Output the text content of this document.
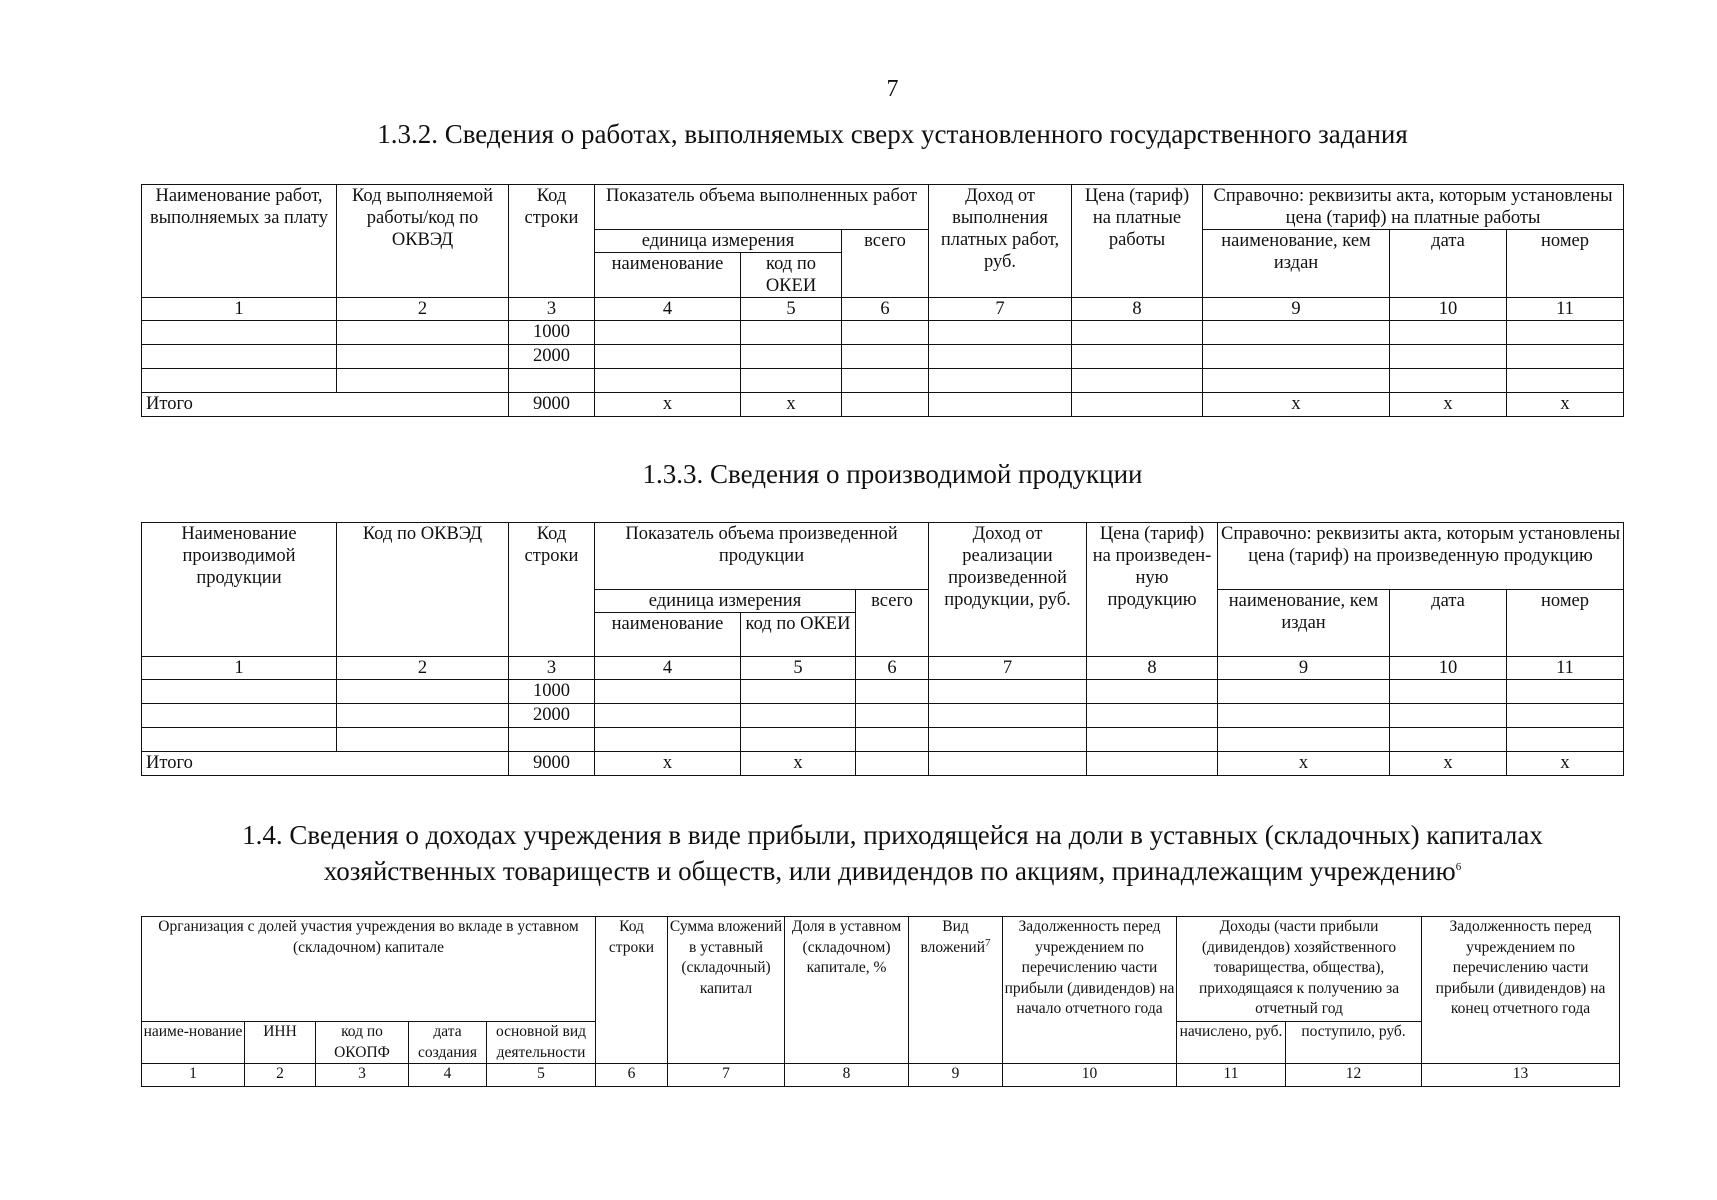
7
1.3.2. Сведения о работах, выполняемых сверх установленного государственного задания
Наименование работ, выполняемых за плату	Код выполняемой работы/код по ОКВЭД	Код строки	Показатель объема выполненных работ			Доход от выполнения платных работ, руб.	Цена (тариф) на платные работы	Справочно: реквизиты акта, которым установлены цена (тариф) на платные работы		
			единица измерения		всего			наименование, кем издан	дата	номер
			наименование	код по ОКЕИ						
1	2	3	4	5	6	7	8	9	10	11
		1000								
		2000								

Итого		9000	x	x				x	x	x
1.3.3. Сведения о производимой продукции
Наименование производимой продукции	Код по ОКВЭД	Код строки	Показатель объема произведенной продукции			Доход от реализации произведенной продукции, руб.	Цена (тариф) на произведен-ную продукцию	Справочно: реквизиты акта, которым установлены цена (тариф) на произведенную продукцию		
			единица измерения		всего			наименование, кем издан	дата	номер
			наименование	код по ОКЕИ						
1	2	3	4	5	6	7	8	9	10	11
		1000								
		2000								

Итого		9000	x	x				x	x	x
1.4. Сведения о доходах учреждения в виде прибыли, приходящейся на доли в уставных (складочных) капиталах
хозяйственных товариществ и обществ, или дивидендов по акциям, принадлежащим учреждению$^6$
Организация с долей участия учреждения во вкладе в уставном (складочном) капитале					Код строки	Сумма вложений в уставный (складочный) капитал	Доля в уставном (складочном) капитале, %	Вид вложений$^7$	Задолженность перед учреждением по перечислению части прибыли (дивидендов) на начало отчетного года	Доходы (части прибыли (дивидендов) хозяйственного товарищества, общества), приходящаяся к получению за отчетный год		Задолженность перед учреждением по перечислению части прибыли (дивидендов) на конец отчетного года
наиме-нование	ИНН	код по ОКОПФ	дата создания	основной вид деятельности						начислено, руб.	поступило, руб.	
1	2	3	4	5	6	7	8	9	10	11	12	13
